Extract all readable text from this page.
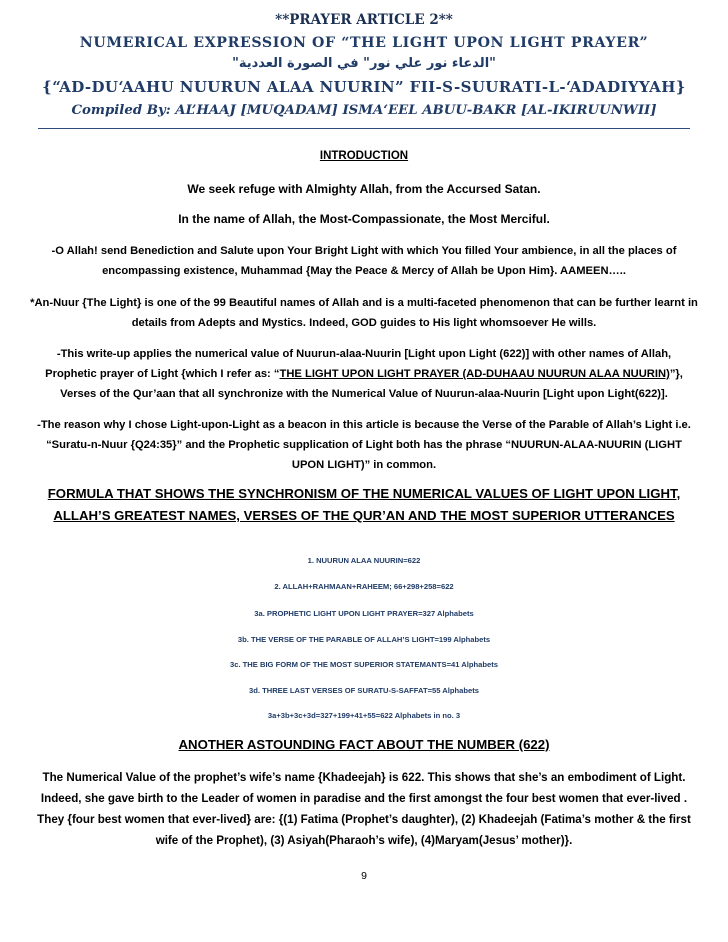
**PRAYER ARTICLE 2**
NUMERICAL EXPRESSION OF “THE LIGHT UPON LIGHT PRAYER”
"الدعاء نور علي نور" في الصورة العددية"
{“AD-DU‘AAHU NUURUN ALAA NUURIN” FII-S-SUURATI-L-‘ADADIYYAH}
Compiled By: AL’HAAJ [MUQADAM] ISMA‘EEL ABUU-BAKR [AL-IKIRUUNWII]
INTRODUCTION
We seek refuge with Almighty Allah, from the Accursed Satan.
In the name of Allah, the Most-Compassionate, the Most Merciful.
-O Allah! send Benediction and Salute upon Your Bright Light with which You filled Your ambience, in all the places of encompassing existence, Muhammad {May the Peace & Mercy of Allah be Upon Him}. AAMEEN…..
*An-Nuur {The Light} is one of the 99 Beautiful names of Allah and is a multi-faceted phenomenon that can be further learnt in details from Adepts and Mystics. Indeed, GOD guides to His light whomsoever He wills.
-This write-up applies the numerical value of Nuurun-alaa-Nuurin [Light upon Light (622)] with other names of Allah, Prophetic prayer of Light {which I refer as: “THE LIGHT UPON LIGHT PRAYER (AD-DUHAAU NUURUN ALAA NUURIN)”}, Verses of the Qur’aan that all synchronize with the Numerical Value of Nuurun-alaa-Nuurin [Light upon Light(622)].
-The reason why I chose Light-upon-Light as a beacon in this article is because the Verse of the Parable of Allah’s Light i.e. “Suratu-n-Nuur {Q24:35}” and the Prophetic supplication of Light both has the phrase “NUURUN-ALAA-NUURIN (LIGHT UPON LIGHT)” in common.
FORMULA THAT SHOWS THE SYNCHRONISM OF THE NUMERICAL VALUES OF LIGHT UPON LIGHT,
ALLAH’S GREATEST NAMES, VERSES OF THE QUR’AN AND THE MOST SUPERIOR UTTERANCES
1. NUURUN ALAA NUURIN=622
2. ALLAH+RAHMAAN+RAHEEM; 66+298+258=622
3a. PROPHETIC LIGHT UPON LIGHT PRAYER=327 Alphabets
3b. THE VERSE OF THE PARABLE OF ALLAH’S LIGHT=199 Alphabets
3c. THE BIG FORM OF THE MOST SUPERIOR STATEMANTS=41 Alphabets
3d. THREE LAST VERSES OF SURATU-S-SAFFAT=55 Alphabets
3a+3b+3c+3d=327+199+41+55=622 Alphabets in no. 3
ANOTHER ASTOUNDING FACT ABOUT THE NUMBER (622)
The Numerical Value of the prophet’s wife’s name {Khadeejah} is 622. This shows that she’s an embodiment of Light. Indeed, she gave birth to the Leader of women in paradise and the first amongst the four best women that ever-lived . They {four best women that ever-lived} are: {(1) Fatima (Prophet’s daughter), (2) Khadeejah (Fatima’s mother & the first wife of the Prophet), (3) Asiyah(Pharaoh’s wife), (4)Maryam(Jesus’ mother)}.
9
